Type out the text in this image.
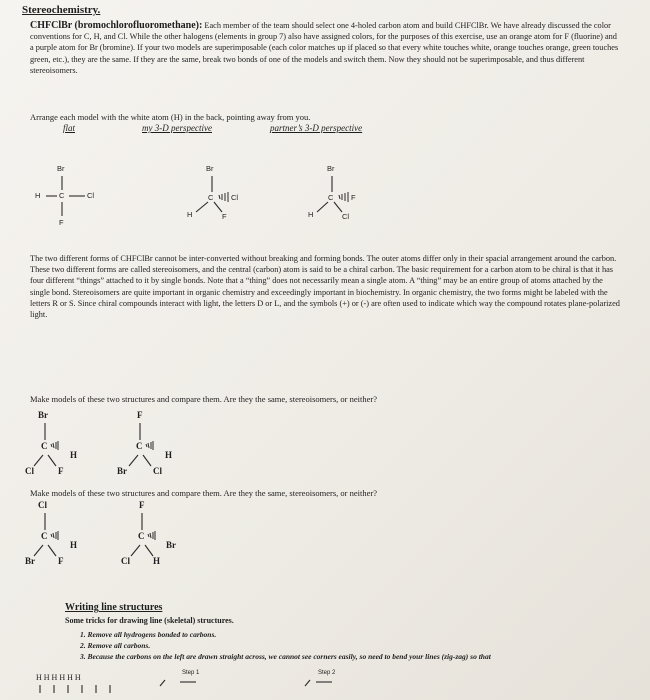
Stereochemistry.
CHFClBr (bromochlorofluoromethane): Each member of the team should select one 4-holed carbon atom and build CHFClBr. We have already discussed the color conventions for C, H, and Cl. While the other halogens (elements in group 7) also have assigned colors, for the purposes of this exercise, use an orange atom for F (fluorine) and a purple atom for Br (bromine). If your two models are superimposable (each color matches up if placed so that every white touches white, orange touches orange, green touches green, etc.), they are the same. If they are the same, break two bonds of one of the models and switch them. Now they should not be superimposable, and thus different stereoisomers.
Arrange each model with the white atom (H) in the back, pointing away from you.
flat	my 3-D perspective	partner’s 3-D perspective
Br
H C	Cl
F
Br
C Cl
H	F
Br
C F
H	Cl
The two different forms of CHFClBr cannot be inter-converted without breaking and forming bonds. The outer atoms differ only in their spacial arrangement around the carbon. These two different forms are called stereoisomers, and the central (carbon) atom is said to be a chiral carbon. The basic requirement for a carbon atom to be chiral is that it has four different “things” attached to it by single bonds. Note that a “thing” does not necessarily mean a single atom. A “thing” may be an entire group of atoms attached by the single bond. Stereoisomers are quite important in organic chemistry and exceedingly important in biochemistry. In organic chemistry, the two forms might be labeled with the letters R or S. Since chiral compounds interact with light, the letters D or L, and the symbols (+) or (-) are often used to indicate which way the compound rotates plane-polarized light.
Make models of these two structures and compare them. Are they the same, stereoisomers, or neither?
Br
C
H
Cl	F
F
C
H
Br	Cl
Make models of these two structures and compare them. Are they the same, stereoisomers, or neither?
Cl
C
H
Br	F
F
C
Br
Cl	H
Writing line structures
Some tricks for drawing line (skeletal) structures.
1. Remove all hydrogens bonded to carbons.
2. Remove all carbons.
3. Because the carbons on the left are drawn straight across, we cannot see corners easily, so need to bend your lines (zig-zag) so that
H H H H H H	Step 1	Step 2
